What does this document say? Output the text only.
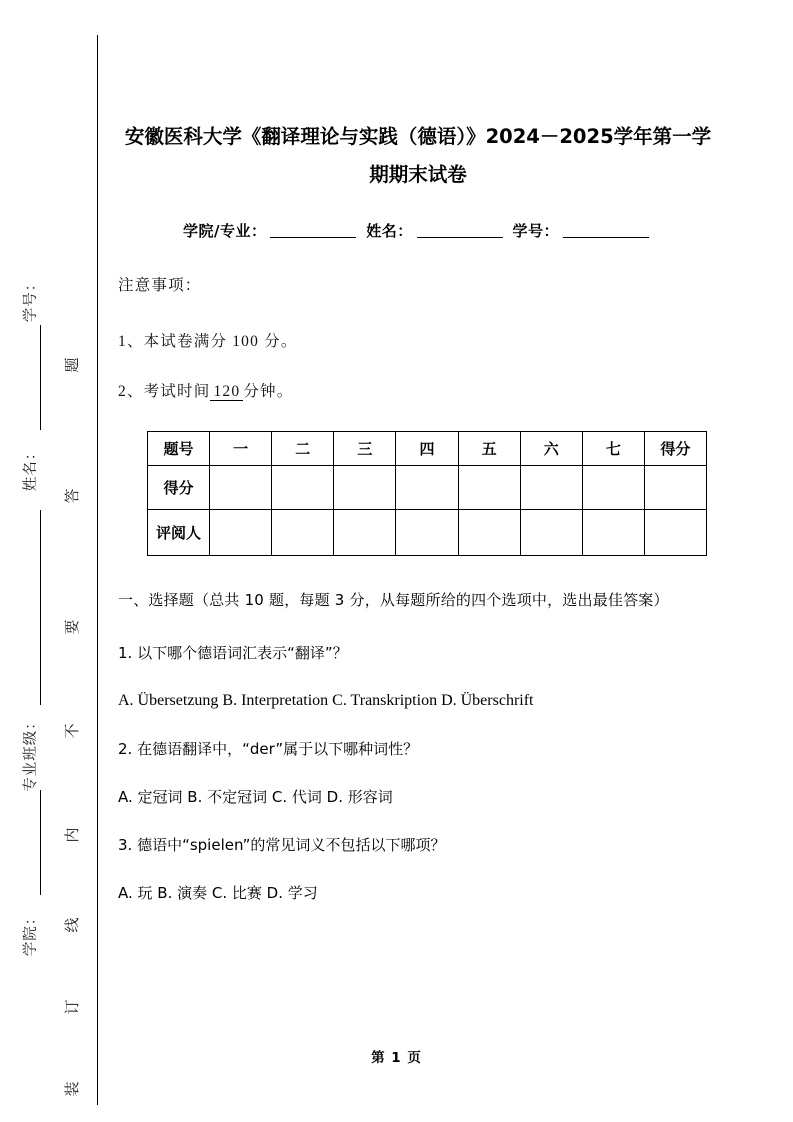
题
答
要
不
内
线
订
装
学号：
姓名：
专业班级：
学院：
安徽医科大学《翻译理论与实践（德语）》2024－2025学年第一学期期末试卷
学院/专业：	姓名：	学号：
注意事项：
1、本试卷满分 100 分。
2、考试时间 120 分钟。
题号	一	二	三	四	五	六	七	得分
得分								
评阅人								
一、选择题（总共 10 题，每题 3 分，从每题所给的四个选项中，选出最佳答案）
1. 以下哪个德语词汇表示“翻译”？
A. Übersetzung B. Interpretation C. Transkription D. Überschrift
2. 在德语翻译中，“der”属于以下哪种词性？
A. 定冠词 B. 不定冠词 C. 代词 D. 形容词
3. 德语中“spielen”的常见词义不包括以下哪项？
A. 玩 B. 演奏 C. 比赛 D. 学习
第 1 页
